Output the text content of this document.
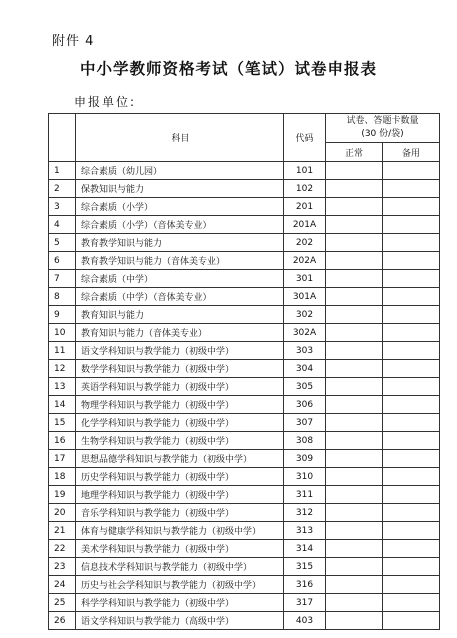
附件 4
中小学教师资格考试（笔试）试卷申报表
申报单位:
	科目	代码	试卷、答题卡数量
(30 份/袋)	
			正常	备用
1	综合素质（幼儿园）	101		
2	保教知识与能力	102		
3	综合素质（小学）	201		
4	综合素质（小学）（音体美专业）	201A		
5	教育教学知识与能力	202		
6	教育教学知识与能力（音体美专业）	202A		
7	综合素质（中学）	301		
8	综合素质（中学）（音体美专业）	301A		
9	教育知识与能力	302		
10	教育知识与能力（音体美专业）	302A		
11	语文学科知识与教学能力（初级中学）	303		
12	数学学科知识与教学能力（初级中学）	304		
13	英语学科知识与教学能力（初级中学）	305		
14	物理学科知识与教学能力（初级中学）	306		
15	化学学科知识与教学能力（初级中学）	307		
16	生物学科知识与教学能力（初级中学）	308		
17	思想品德学科知识与教学能力（初级中学）	309		
18	历史学科知识与教学能力（初级中学）	310		
19	地理学科知识与教学能力（初级中学）	311		
20	音乐学科知识与教学能力（初级中学）	312		
21	体育与健康学科知识与教学能力（初级中学）	313		
22	美术学科知识与教学能力（初级中学）	314		
23	信息技术学科知识与教学能力（初级中学）	315		
24	历史与社会学科知识与教学能力（初级中学）	316		
25	科学学科知识与教学能力（初级中学）	317		
26	语文学科知识与教学能力（高级中学）	403		
